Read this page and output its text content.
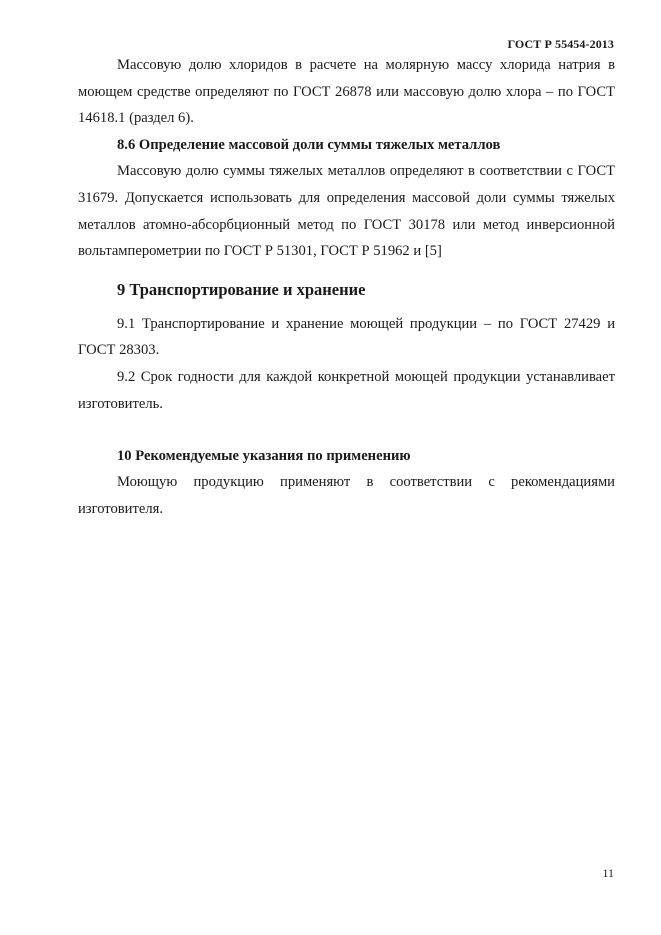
ГОСТ Р 55454-2013

Массовую долю хлоридов в расчете на молярную массу хлорида натрия в моющем средстве определяют по ГОСТ 26878 или массовую долю хлора – по ГОСТ 14618.1 (раздел 6).

8.6 Определение массовой доли суммы тяжелых металлов

Массовую долю суммы тяжелых металлов определяют в соответствии с ГОСТ 31679. Допускается использовать для определения массовой доли суммы тяжелых металлов атомно-абсорбционный метод по ГОСТ 30178 или метод инверсионной вольтамперометрии по ГОСТ Р 51301, ГОСТ Р 51962 и [5]

9 Транспортирование и хранение

9.1 Транспортирование и хранение моющей продукции – по ГОСТ 27429 и ГОСТ 28303.

9.2 Срок годности для каждой конкретной моющей продукции устанавливает изготовитель.

10 Рекомендуемые указания по применению

Моющую продукцию применяют в соответствии с рекомендациями изготовителя.

11
